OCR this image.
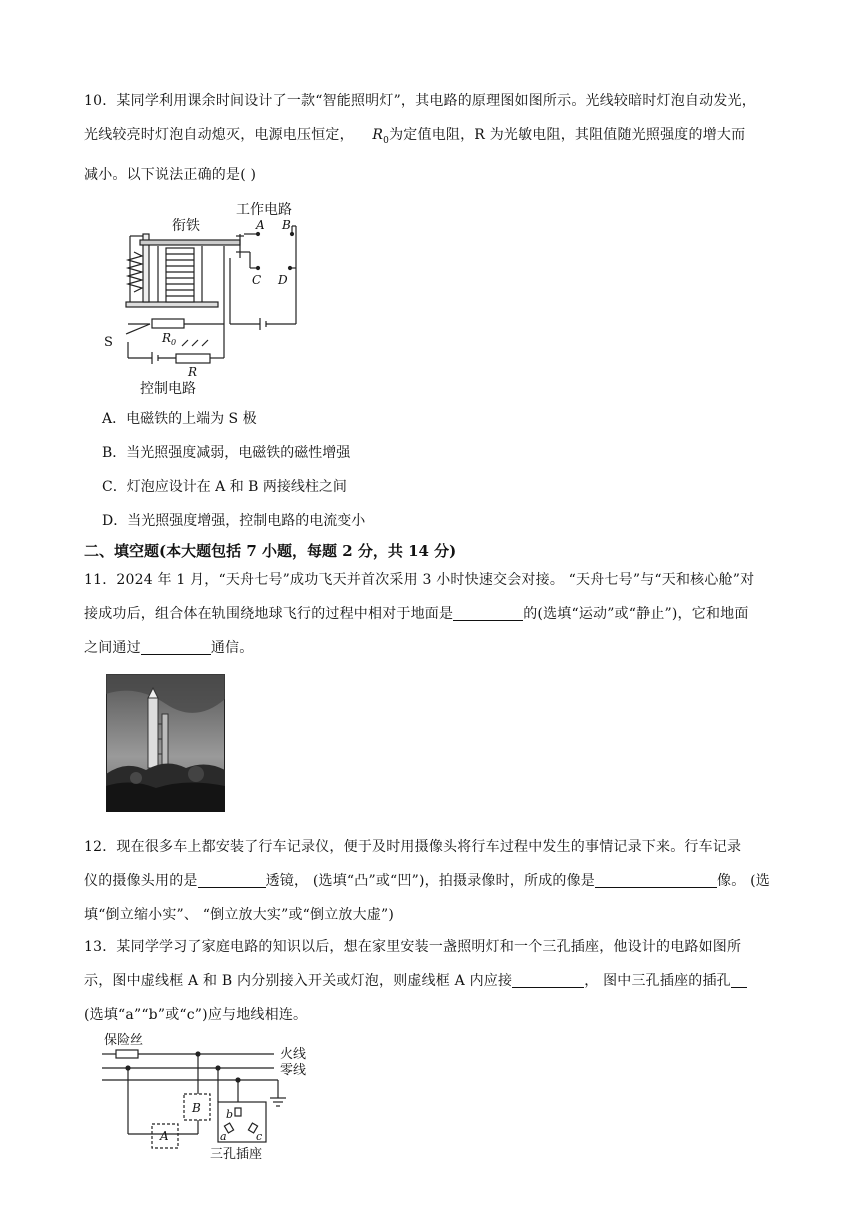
10．某同学利用课余时间设计了一款“智能照明灯”，其电路的原理图如图所示。光线较暗时灯泡自动发光，
光线较亮时灯泡自动熄灭，电源电压恒定， $R_0$为定值电阻，R 为光敏电阻，其阻值随光照强度的增大而
减小。以下说法正确的是( )
工作电路
衔铁	A B
C D
S	$R_0$
R
控制电路
A．电磁铁的上端为 S 极
B．当光照强度减弱，电磁铁的磁性增强
C．灯泡应设计在 A 和 B 两接线柱之间
D．当光照强度增强，控制电路的电流变小
二、填空题(本大题包括 7 小题，每题 2 分，共 14 分)
11．2024 年 1 月，“天舟七号”成功飞天并首次采用 3 小时快速交会对接。 “天舟七号”与“天和核心舱”对
接成功后，组合体在轨围绕地球飞行的过程中相对于地面是	的(选填“运动”或“静止”)，它和地面
之间通过	通信。
12．现在很多车上都安装了行车记录仪，便于及时用摄像头将行车过程中发生的事情记录下来。行车记录
仪的摄像头用的是	透镜， (选填“凸”或“凹”)，拍摄录像时，所成的像是	像。 (选
填“倒立缩小实”、 “倒立放大实”或“倒立放大虚”)
13．某同学学习了家庭电路的知识以后，想在家里安装一盏照明灯和一个三孔插座，他设计的电路如图所
示，图中虚线框 A 和 B 内分别接入开关或灯泡，则虚线框 A 内应接	， 图中三孔插座的插孔
(选填“a”“b”或“c”)应与地线相连。
保险丝
火线
零线
B
A
b
a	c
三孔插座
